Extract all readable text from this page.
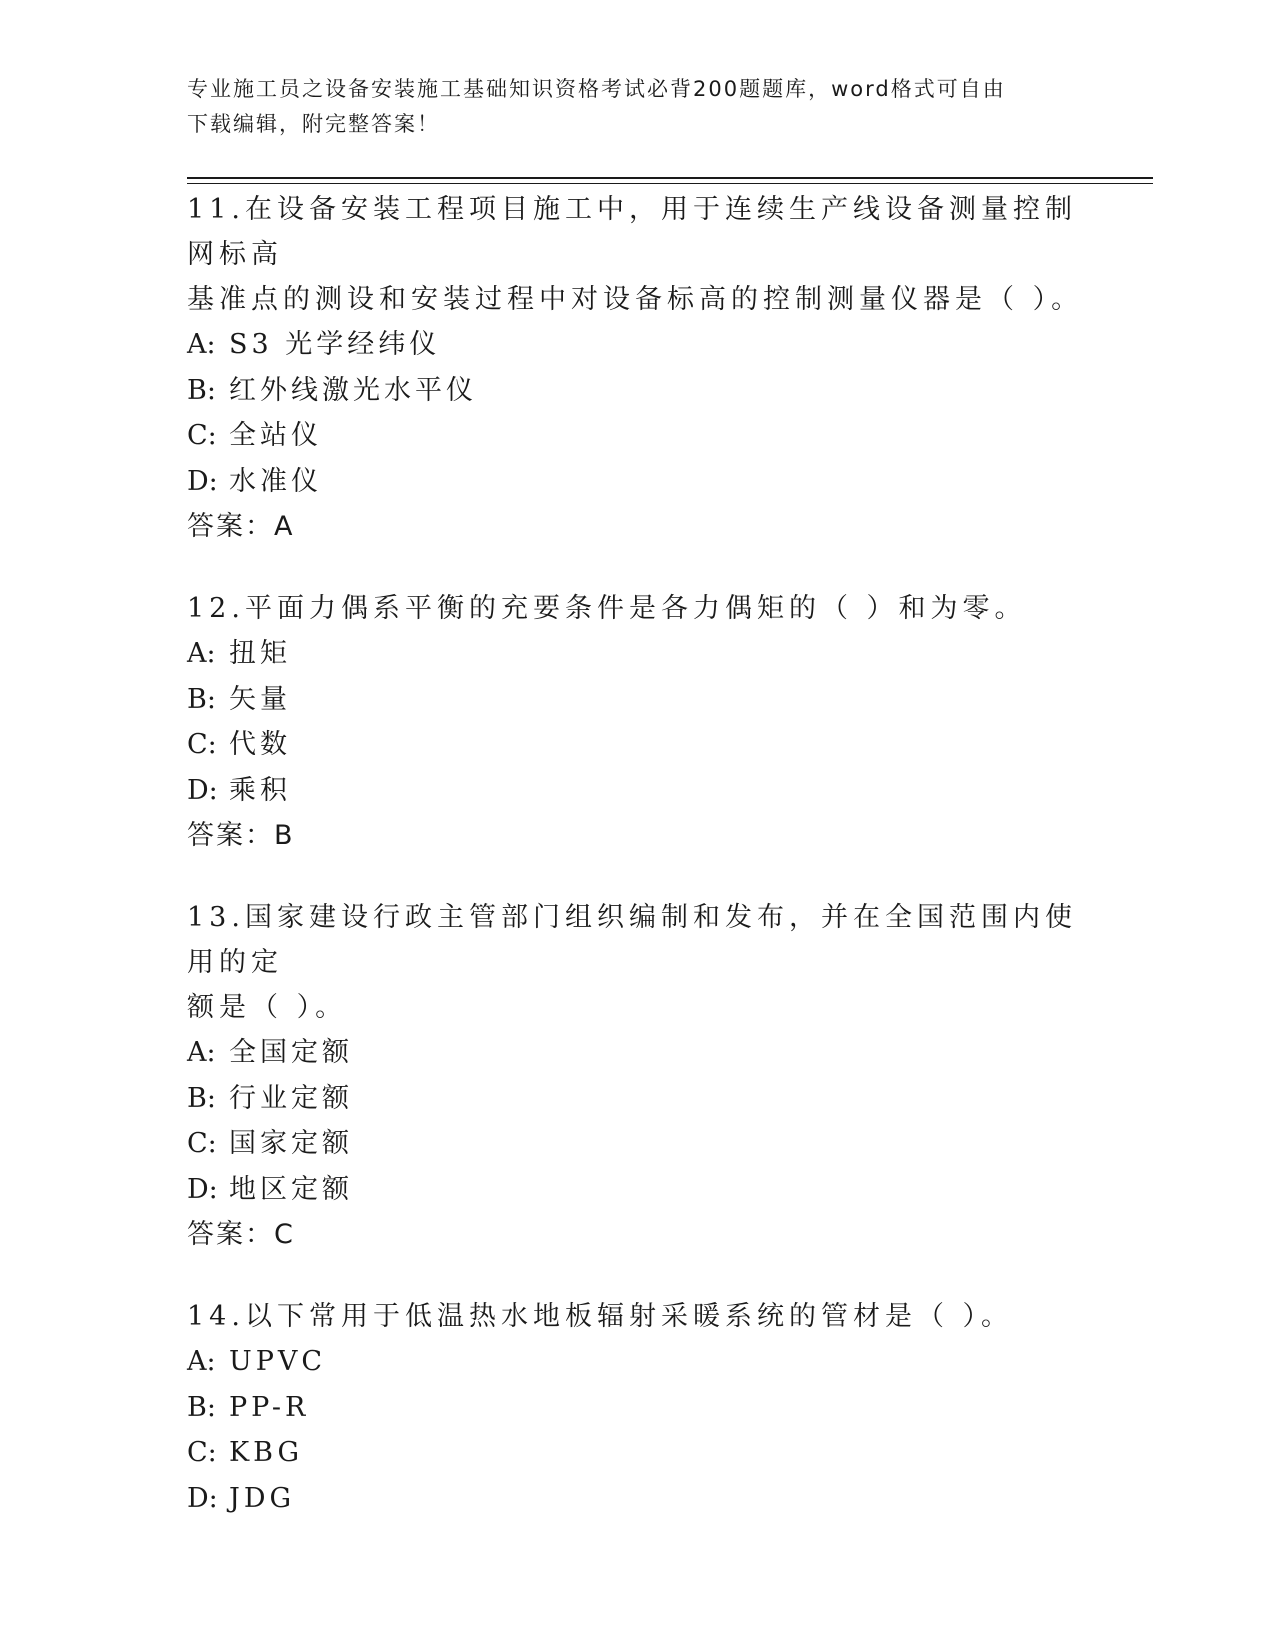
专业施工员之设备安装施工基础知识资格考试必背200题题库，word格式可自由
下载编辑，附完整答案！

11.在设备安装工程项目施工中，用于连续生产线设备测量控制网标高
基准点的测设和安装过程中对设备标高的控制测量仪器是（ ）。

A: S3 光学经纬仪

B: 红外线激光水平仪

C: 全站仪

D: 水准仪

答案：A

12.平面力偶系平衡的充要条件是各力偶矩的（ ）和为零。

A: 扭矩

B: 矢量

C: 代数

D: 乘积

答案：B

13.国家建设行政主管部门组织编制和发布，并在全国范围内使用的定
额是（ ）。

A: 全国定额

B: 行业定额

C: 国家定额

D: 地区定额

答案：C

14.以下常用于低温热水地板辐射采暖系统的管材是（ ）。

A: UPVC

B: PP-R

C: KBG

D: JDG
